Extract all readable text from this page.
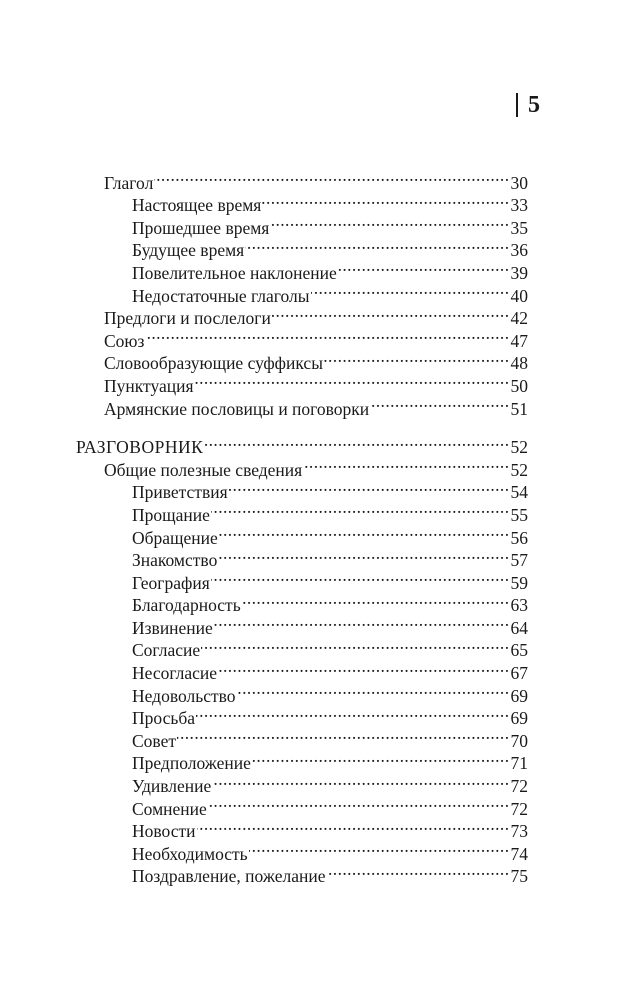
5
Глагол .....	30
Настоящее время .....	33
Прошедшее время .....	35
Будущее время .....	36
Повелительное наклонение .....	39
Недостаточные глаголы .....	40
Предлоги и послелоги .....	42
Союз .....	47
Словообразующие суффиксы .....	48
Пунктуация .....	50
Армянские пословицы и поговорки .....	51
РАЗГОВОРНИК .....	52
Общие полезные сведения .....	52
Приветствия .....	54
Прощание .....	55
Обращение .....	56
Знакомство .....	57
География .....	59
Благодарность .....	63
Извинение .....	64
Согласие .....	65
Несогласие .....	67
Недовольство .....	69
Просьба .....	69
Совет .....	70
Предположение .....	71
Удивление .....	72
Сомнение .....	72
Новости .....	73
Необходимость .....	74
Поздравление, пожелание .....	75
